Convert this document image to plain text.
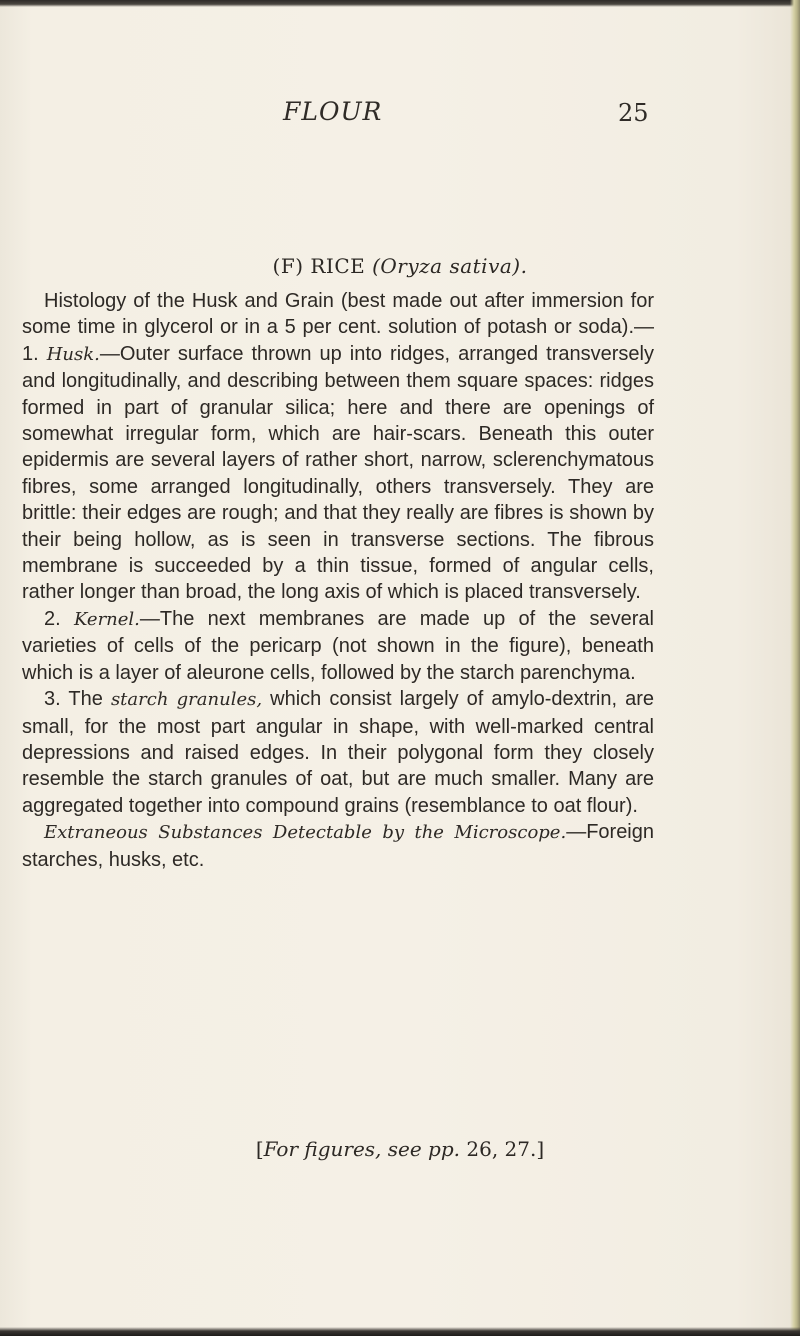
FLOUR	25
(F) RICE (Oryza sativa).

Histology of the Husk and Grain (best made out after immersion for some time in glycerol or in a 5 per cent. solution of potash or soda).—1. Husk.—Outer surface thrown up into ridges, arranged transversely and longitudinally, and describing between them square spaces: ridges formed in part of granular silica; here and there are openings of somewhat irregular form, which are hair-scars. Beneath this outer epidermis are several layers of rather short, narrow, sclerenchymatous fibres, some arranged longitudinally, others transversely. They are brittle: their edges are rough; and that they really are fibres is shown by their being hollow, as is seen in transverse sections. The fibrous membrane is succeeded by a thin tissue, formed of angular cells, rather longer than broad, the long axis of which is placed transversely.

2. Kernel.—The next membranes are made up of the several varieties of cells of the pericarp (not shown in the figure), beneath which is a layer of aleurone cells, followed by the starch parenchyma.

3. The starch granules, which consist largely of amylo-dextrin, are small, for the most part angular in shape, with well-marked central depressions and raised edges. In their polygonal form they closely resemble the starch granules of oat, but are much smaller. Many are aggregated together into compound grains (resemblance to oat flour).

Extraneous Substances Detectable by the Microscope.—Foreign starches, husks, etc.

[For figures, see pp. 26, 27.]
